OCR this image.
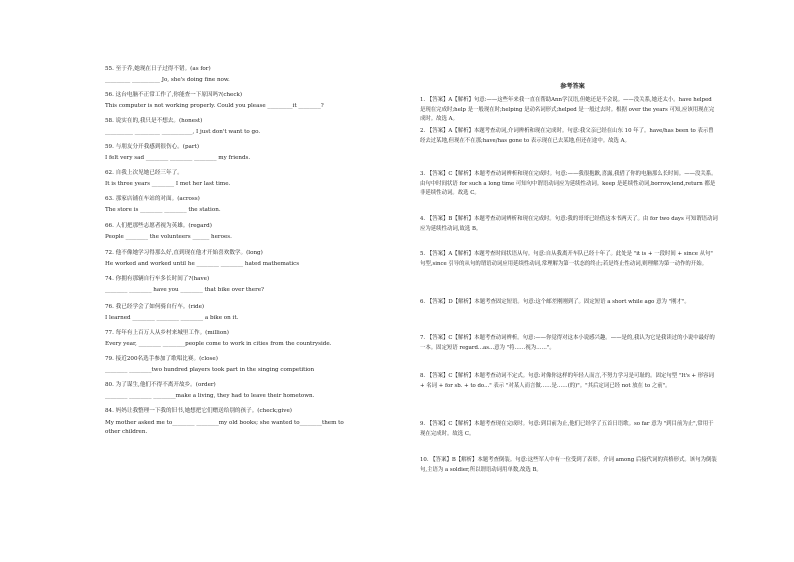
55. 至于乔,她现在日子过得不错。(as for)
_________ __________ Jo, she's doing fine now.
56. 这台电脑不正常工作了,你能查一下原因吗?(check)
This computer is not working properly. Could you please _________it ________?
58. 说实在的,我只是不想去。(honest)
__________ _________ ___________, I just don't want to go.
59. 与朋友分开我感到很伤心。(part)
I felt very sad ________ ________ ________ my friends.
62. 自我上次见她已经三年了。
It is three years ________ I met her last time.
63. 那家店铺在车站的对面。(across)
The store is ________ ________ the station.
66. 人们把那些志愿者视为英雄。(regard)
People ________ the volunteers ______ heroes.
72. 他不像她学习得那么好,直到现在他才开始喜欢数学。(long)
He worked and worked until he ________ ________ hated mathematics
74. 你拥有那辆自行车多长时间了?(have)
________ ________ have you ________ that bike over there?
76. 我已经学会了如何骑自行车。(ride)
I learned ________ ________ ________ a bike on it.
77. 每年有上百万人从乡村来城里工作。(million)
Every year, ________ ________people come to work in cities from the countryside.
79. 接近200名选手参加了歌唱比赛。(close)
________ ________two hundred players took part in the singing competition
80. 为了谋生,他们不得不离开故乡。(order)
________ ________ ________make a living, they had to leave their hometown.
84. 妈妈让我整理一下我的旧书,她想把它们赠送给别的孩子。(check;give)
My mother asked me to________ ________my old books; she wanted to________them to other children.
参考答案
1. 【答案】A【解析】句意:——这些年来我一直在帮助Ann学汉语,但她还是不会说。——没关系,她还太小。have helped 是现在完成时;help 是一般现在时;helping 是动名词形式;helped 是一般过去时。根据 over the years 可知,应该用现在完成时。故选 A。
2. 【答案】A【解析】本题考查动词,介词辨析和现在完成时。句意:我父亲已经在山东 10 年了。have/has been to 表示曾经去过某地,但现在不在那;have/has gone to 表示现在已去某地,但还在途中。故选 A。
3. 【答案】C【解析】本题考查动词辨析和现在完成时。句意:——我很抱歉,喜露,我借了你的电脑那么长时间。——没关系。由句中时间状语 for such a long time 可知句中谓语动词应为延续性动词。keep 是延续性动词,borrow,lend,return 都是非延续性动词。故选 C。
4. 【答案】B【解析】本题考查动词辨析和现在完成时。句意:我的哥哥已经借这本书两天了。由 for two days 可知谓语动词应为延续性动词,故选 B。
5. 【答案】A【解析】本题考查时间状语从句。句意:自从我离开车队已经十年了。此处是 "it is + 一段时间 + since 从句" 句型,since 引导的从句的谓语动词应用延续性动词,常理解为第一状态的终止;若是终止性动词,则理解为第一动作的开始。
6. 【答案】D【解析】本题考查固定短语。句意:这个邮差刚刚到了。固定短语 a short while ago 意为 "刚才"。
7. 【答案】C【解析】本题考查动词辨析。句意:——你觉得对这本小说感兴趣。——是的,我认为它是我读过的小说中最好的一本。固定短语 regard...as...意为 "将……视为……"。
8. 【答案】C【解析】本题考查动词不定式。句意:对像你这样的年轻人而言,不努力学习是可耻的。固定句型 "It's + 形容词 + 名词 + for sb. + to do..." 表示 "对某人而言做……是……(的)"。"其后定词已经 not 放在 to 之前"。
9. 【答案】C【解析】本题考查现在完成时。句意:到目前为止,他们已经学了五首日语歌。so far 意为 "到目前为止",常用于现在完成时。故选 C。
10. 【答案】B【解析】本题考查倒装。句意:这些军人中有一位受到了表彰。介词 among 后接代词的宾格形式。该句为倒装句,主语为 a soldier,所以谓语动词用单数,故选 B。
